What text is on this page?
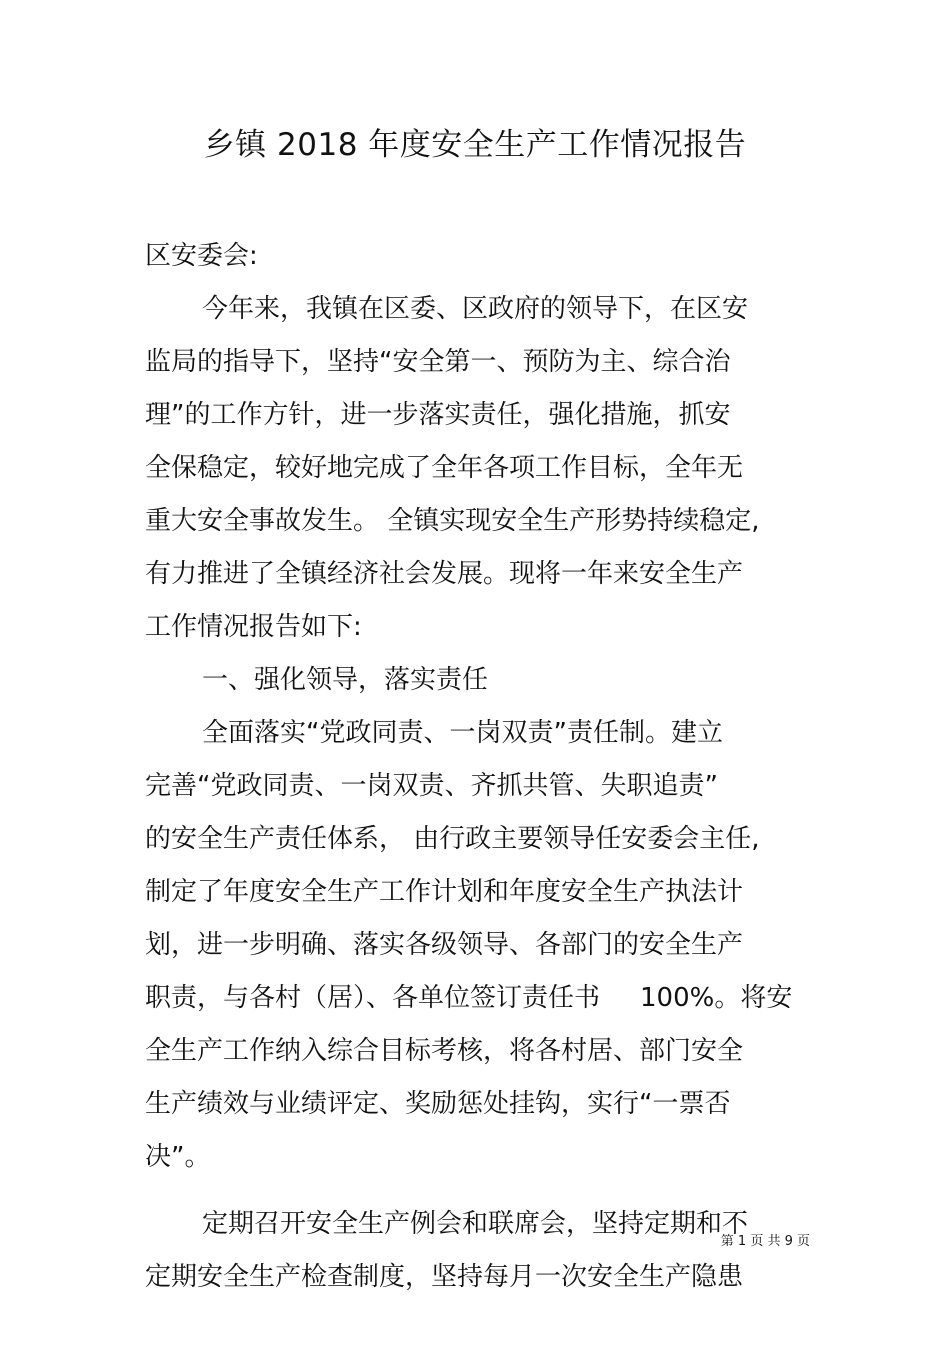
乡镇 2018 年度安全生产工作情况报告
区安委会:
今年来，我镇在区委、区政府的领导下，在区安
监局的指导下，坚持“安全第一、预防为主、综合治
理”的工作方针，进一步落实责任，强化措施，抓安
全保稳定，较好地完成了全年各项工作目标，全年无
重大安全事故发生。 全镇实现安全生产形势持续稳定,
有力推进了全镇经济社会发展。现将一年来安全生产
工作情况报告如下:
一、强化领导，落实责任
全面落实“党政同责、一岗双责”责任制。建立
完善“党政同责、一岗双责、齐抓共管、失职追责”
的安全生产责任体系， 由行政主要领导任安委会主任,
制定了年度安全生产工作计划和年度安全生产执法计
划，进一步明确、落实各级领导、各部门的安全生产
职责，与各村（居）、各单位签订责任书 100%。将安
全生产工作纳入综合目标考核，将各村居、部门安全
生产绩效与业绩评定、奖励惩处挂钩，实行“一票否
决”。
定期召开安全生产例会和联席会，坚持定期和不
定期安全生产检查制度，坚持每月一次安全生产隐患
第 1 页 共 9 页
